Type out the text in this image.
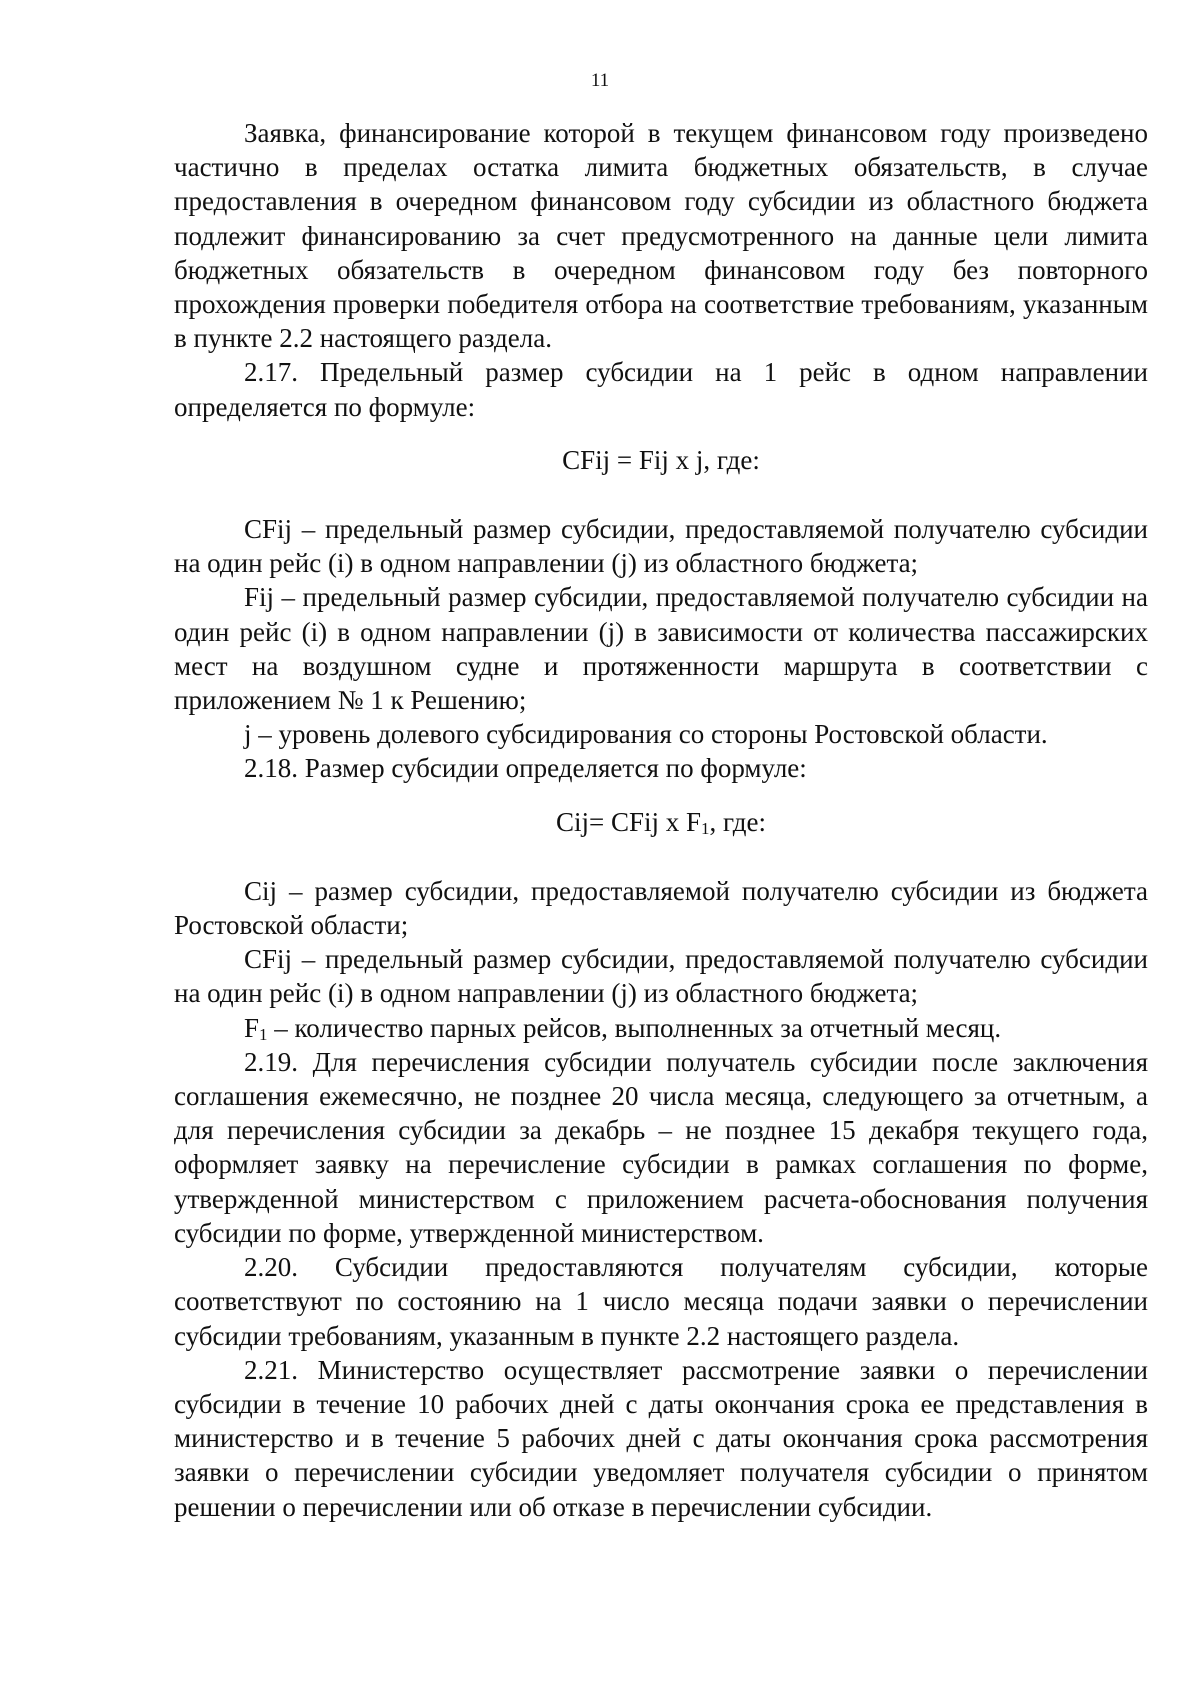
11

Заявка, финансирование которой в текущем финансовом году произведено частично в пределах остатка лимита бюджетных обязательств, в случае предоставления в очередном финансовом году субсидии из областного бюджета подлежит финансированию за счет предусмотренного на данные цели лимита бюджетных обязательств в очередном финансовом году без повторного прохождения проверки победителя отбора на соответствие требованиям, указанным в пункте 2.2 настоящего раздела.

2.17. Предельный размер субсидии на 1 рейс в одном направлении определяется по формуле:

CFij = Fij x j, где:

CFij – предельный размер субсидии, предоставляемой получателю субсидии на один рейс (i) в одном направлении (j) из областного бюджета;

Fij – предельный размер субсидии, предоставляемой получателю субсидии на один рейс (i) в одном направлении (j) в зависимости от количества пассажирских мест на воздушном судне и протяженности маршрута в соответствии с приложением № 1 к Решению;

j – уровень долевого субсидирования со стороны Ростовской области.

2.18. Размер субсидии определяется по формуле:

Cij= CFij x $F_1$, где:

Cij – размер субсидии, предоставляемой получателю субсидии из бюджета Ростовской области;

CFij – предельный размер субсидии, предоставляемой получателю субсидии на один рейс (i) в одном направлении (j) из областного бюджета;

$F_1$ – количество парных рейсов, выполненных за отчетный месяц.

2.19. Для перечисления субсидии получатель субсидии после заключения соглашения ежемесячно, не позднее 20 числа месяца, следующего за отчетным, а для перечисления субсидии за декабрь – не позднее 15 декабря текущего года, оформляет заявку на перечисление субсидии в рамках соглашения по форме, утвержденной министерством с приложением расчета-обоснования получения субсидии по форме, утвержденной министерством.

2.20. Субсидии предоставляются получателям субсидии, которые соответствуют по состоянию на 1 число месяца подачи заявки о перечислении субсидии требованиям, указанным в пункте 2.2 настоящего раздела.

2.21. Министерство осуществляет рассмотрение заявки о перечислении субсидии в течение 10 рабочих дней с даты окончания срока ее представления в министерство и в течение 5 рабочих дней с даты окончания срока рассмотрения заявки о перечислении субсидии уведомляет получателя субсидии о принятом решении о перечислении или об отказе в перечислении субсидии.
